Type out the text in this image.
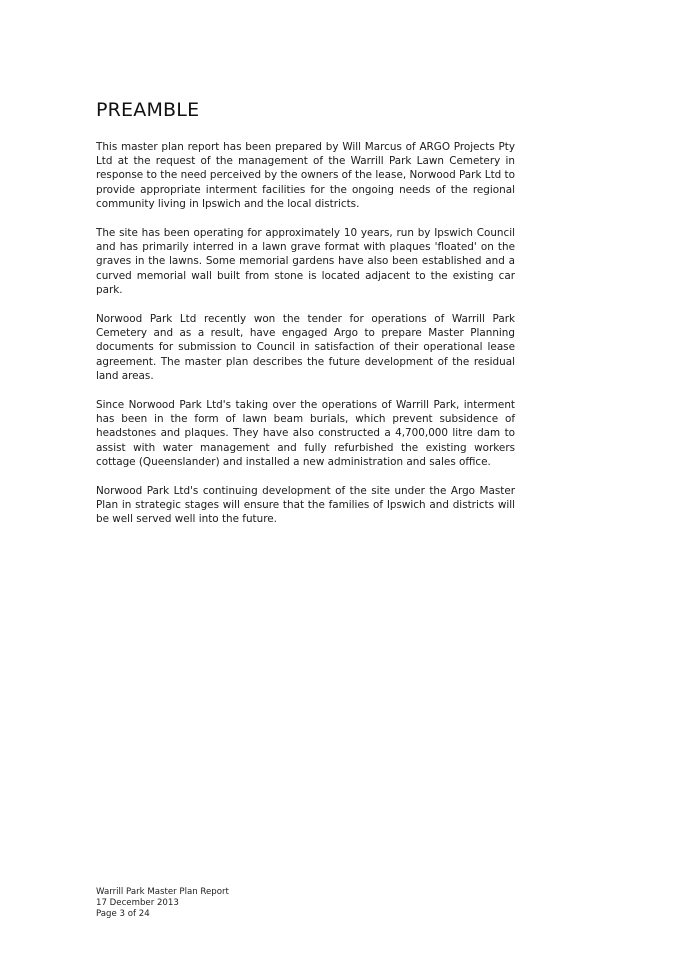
PREAMBLE

This master plan report has been prepared by Will Marcus of ARGO Projects Pty Ltd at the request of the management of the Warrill Park Lawn Cemetery in response to the need perceived by the owners of the lease, Norwood Park Ltd to provide appropriate interment facilities for the ongoing needs of the regional community living in Ipswich and the local districts.

The site has been operating for approximately 10 years, run by Ipswich Council and has primarily interred in a lawn grave format with plaques 'floated' on the graves in the lawns. Some memorial gardens have also been established and a curved memorial wall built from stone is located adjacent to the existing car park.

Norwood Park Ltd recently won the tender for operations of Warrill Park Cemetery and as a result, have engaged Argo to prepare Master Planning documents for submission to Council in satisfaction of their operational lease agreement. The master plan describes the future development of the residual land areas.

Since Norwood Park Ltd's taking over the operations of Warrill Park, interment has been in the form of lawn beam burials, which prevent subsidence of headstones and plaques. They have also constructed a 4,700,000 litre dam to assist with water management and fully refurbished the existing workers cottage (Queenslander) and installed a new administration and sales office.

Norwood Park Ltd's continuing development of the site under the Argo Master Plan in strategic stages will ensure that the families of Ipswich and districts will be well served well into the future.

Warrill Park Master Plan Report
17 December 2013
Page 3 of 24
